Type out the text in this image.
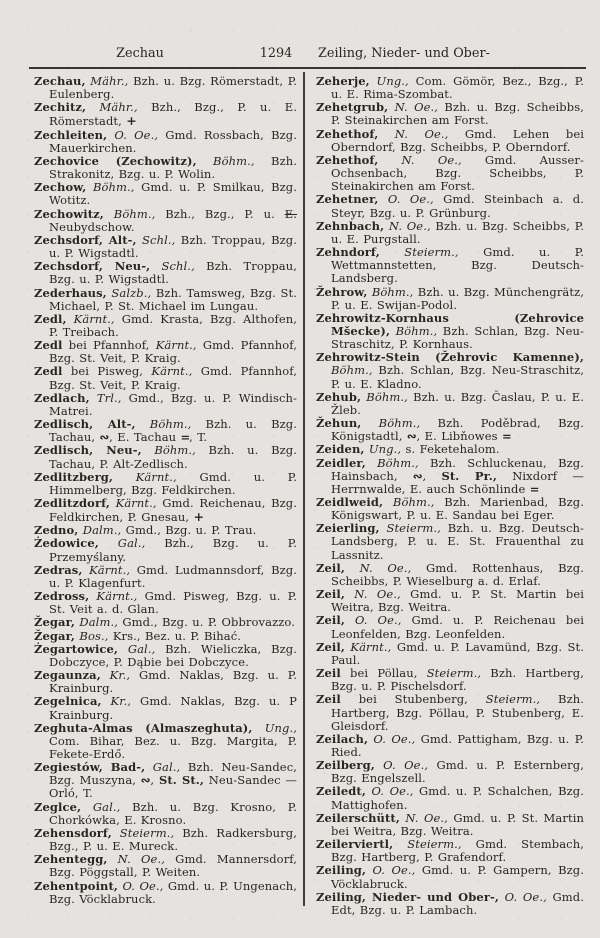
Zechau	1294	Zeiling, Nieder- und Ober-

Zechau, Mähr., Bzh. u. Bzg. Römerstadt, P. Eulenberg.

Zechitz, Mähr., Bzh., Bzg., P. u. E. Römerstadt, +

Zechleiten, O. Oe., Gmd. Rossbach, Bzg. Mauerkirchen.

Zechovice (Zechowitz), Böhm., Bzh. Strakonitz, Bzg. u. P. Wolin.

Zechow, Böhm., Gmd. u. P. Smilkau, Bzg. Wotitz.

Zechowitz, Böhm., Bzh., Bzg., P. u. E. Neubydschow.

Zechsdorf, Alt-, Schl., Bzh. Troppau, Bzg. u. P. Wigstadtl.

Zechsdorf, Neu-, Schl., Bzh. Troppau, Bzg. u. P. Wigstadtl.

Zederhaus, Salzb., Bzh. Tamsweg, Bzg. St. Michael, P. St. Michael im Lungau.

Zedl, Kärnt., Gmd. Krasta, Bzg. Althofen, P. Treibach.

Zedl bei Pfannhof, Kärnt., Gmd. Pfannhof, Bzg. St. Veit, P. Kraig.

Zedl bei Pisweg, Kärnt., Gmd. Pfannhof, Bzg. St. Veit, P. Kraig.

Zedlach, Trl., Gmd., Bzg. u. P. Windisch-Matrei.

Zedlisch, Alt-, Böhm., Bzh. u. Bzg. Tachau, ∾, E. Tachau =, T.

Zedlisch, Neu-, Böhm., Bzh. u. Bzg. Tachau, P. Alt-Zedlisch.

Zedlitzberg, Kärnt., Gmd. u. P. Himmelberg, Bzg. Feldkirchen.

Zedlitzdorf, Kärnt., Gmd. Reichenau, Bzg. Feldkirchen, P. Gnesau, +

Zedno, Dalm., Gmd., Bzg. u. P. Trau.

Żedowice, Gal., Bzh., Bzg. u. P. Przemyślany.

Zedras, Kärnt., Gmd. Ludmannsdorf, Bzg. u. P. Klagenfurt.

Zedross, Kärnt., Gmd. Pisweg, Bzg. u. P. St. Veit a. d. Glan.

Žegar, Dalm., Gmd., Bzg. u. P. Obbrovazzo.

Žegar, Bos., Krs., Bez. u. P. Bihać.

Żegartowice, Gal., Bzh. Wieliczka, Bzg. Dobczyce, P. Dąbie bei Dobczyce.

Zegaunza, Kr., Gmd. Naklas, Bzg. u. P. Krainburg.

Zegelnica, Kr., Gmd. Naklas, Bzg. u. P Krainburg.

Zeghuta-Almas (Almaszeghuta), Ung., Com. Bihar, Bez. u. Bzg. Margita, P. Fekete-Erdő.

Zegiestów, Bad-, Gal., Bzh. Neu-Sandec, Bzg. Muszyna, ∾, St. St., Neu-Sandec — Orló, T.

Zeglce, Gal., Bzh. u. Bzg. Krosno, P. Chorkówka, E. Krosno.

Zehensdorf, Steierm., Bzh. Radkersburg, Bzg., P. u. E. Mureck.

Zehentegg, N. Oe., Gmd. Mannersdorf, Bzg. Pöggstall, P. Weiten.

Zehentpoint, O. Oe., Gmd. u. P. Ungenach, Bzg. Vöcklabruck.

Zeherje, Ung., Com. Gömör, Bez., Bzg., P. u. E. Rima-Szombat.

Zehetgrub, N. Oe., Bzh. u. Bzg. Scheibbs, P. Steinakirchen am Forst.

Zehethof, N. Oe., Gmd. Lehen bei Oberndorf, Bzg. Scheibbs, P. Oberndorf.

Zehethof, N. Oe., Gmd. Ausser-Ochsenbach, Bzg. Scheibbs, P. Steinakirchen am Forst.

Zehetner, O. Oe., Gmd. Steinbach a. d. Steyr, Bzg. u. P. Grünburg.

Zehnbach, N. Oe., Bzh. u. Bzg. Scheibbs, P. u. E. Purgstall.

Zehndorf, Steierm., Gmd. u. P. Wettmannstetten, Bzg. Deutsch-Landsberg.

Žehrow, Böhm., Bzh. u. Bzg. Münchengrätz, P. u. E. Swijan-Podol.

Zehrowitz-Kornhaus (Zehrovice Mšecke), Böhm., Bzh. Schlan, Bzg. Neu-Straschitz, P. Kornhaus.

Zehrowitz-Stein (Žehrovic Kamenne), Böhm., Bzh. Schlan, Bzg. Neu-Straschitz, P. u. E. Kladno.

Zehub, Böhm., Bzh. u. Bzg. Časlau, P. u. E. Žleb.

Žehun, Böhm., Bzh. Poděbrad, Bzg. Königstadtl, ∾, E. Libňowes =

Zeiden, Ung., s. Feketehalom.

Zeidler, Böhm., Bzh. Schluckenau, Bzg. Hainsbach, ∾, St. Pr., Nixdorf — Herrnwalde, E. auch Schönlinde =

Zeidlweid, Böhm., Bzh. Marienbad, Bzg. Königswart, P. u. E. Sandau bei Eger.

Zeierling, Steierm., Bzh. u. Bzg. Deutsch-Landsberg, P. u. E. St. Frauenthal zu Lassnitz.

Zeil, N. Oe., Gmd. Rottenhaus, Bzg. Scheibbs, P. Wieselburg a. d. Erlaf.

Zeil, N. Oe., Gmd. u. P. St. Martin bei Weitra, Bzg. Weitra.

Zeil, O. Oe., Gmd. u. P. Reichenau bei Leonfelden, Bzg. Leonfelden.

Zeil, Kärnt., Gmd. u. P. Lavamünd, Bzg. St. Paul.

Zeil bei Pöllau, Steierm., Bzh. Hartberg, Bzg. u. P. Pischelsdorf.

Zeil bei Stubenberg, Steierm., Bzh. Hartberg, Bzg. Pöllau, P. Stubenberg, E. Gleisdorf.

Zeilach, O. Oe., Gmd. Pattigham, Bzg. u. P. Ried.

Zeilberg, O. Oe., Gmd. u. P. Esternberg, Bzg. Engelszell.

Zeiledt, O. Oe., Gmd. u. P. Schalchen, Bzg. Mattighofen.

Zeilerschütt, N. Oe., Gmd. u. P. St. Martin bei Weitra, Bzg. Weitra.

Zeilerviertl, Steierm., Gmd. Stembach, Bzg. Hartberg, P. Grafendorf.

Zeiling, O. Oe., Gmd. u. P. Gampern, Bzg. Vöcklabruck.

Zeiling, Nieder- und Ober-, O. Oe., Gmd. Edt, Bzg. u. P. Lambach.
